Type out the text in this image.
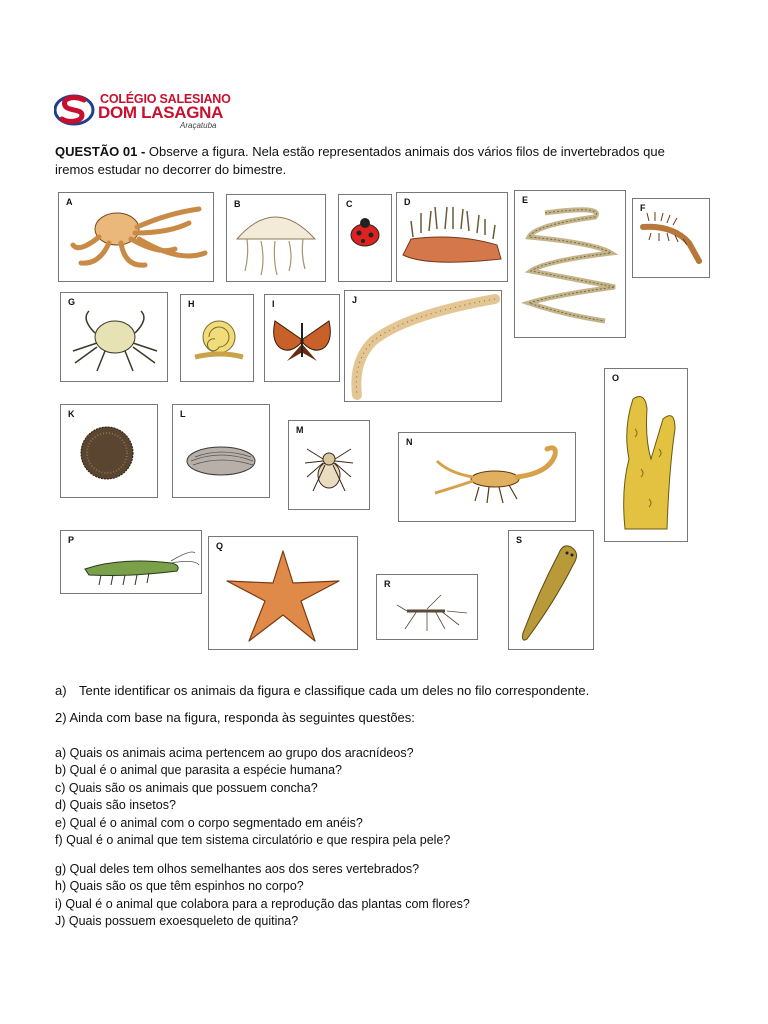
COLÉGIO SALESIANO
DOM LASAGNA
Araçatuba
QUESTÃO 01 - Observe a figura. Nela estão representados animais dos vários filos de invertebrados que iremos estudar no decorrer do bimestre.
A	B	C	D	E
F
G	H	I	J
K	L
M
N
O
P
Q
R
S
a) Tente identificar os animais da figura e classifique cada um deles no filo correspondente.
2) Ainda com base na figura, responda às seguintes questões:
a) Quais os animais acima pertencem ao grupo dos aracnídeos?
b) Qual é o animal que parasita a espécie humana?
c) Quais são os animais que possuem concha?
d) Quais são insetos?
e) Qual é o animal com o corpo segmentado em anéis?
f) Qual é o animal que tem sistema circulatório e que respira pela pele?
g) Qual deles tem olhos semelhantes aos dos seres vertebrados?
h) Quais são os que têm espinhos no corpo?
i) Qual é o animal que colabora para a reprodução das plantas com flores?
J) Quais possuem exoesqueleto de quitina?
